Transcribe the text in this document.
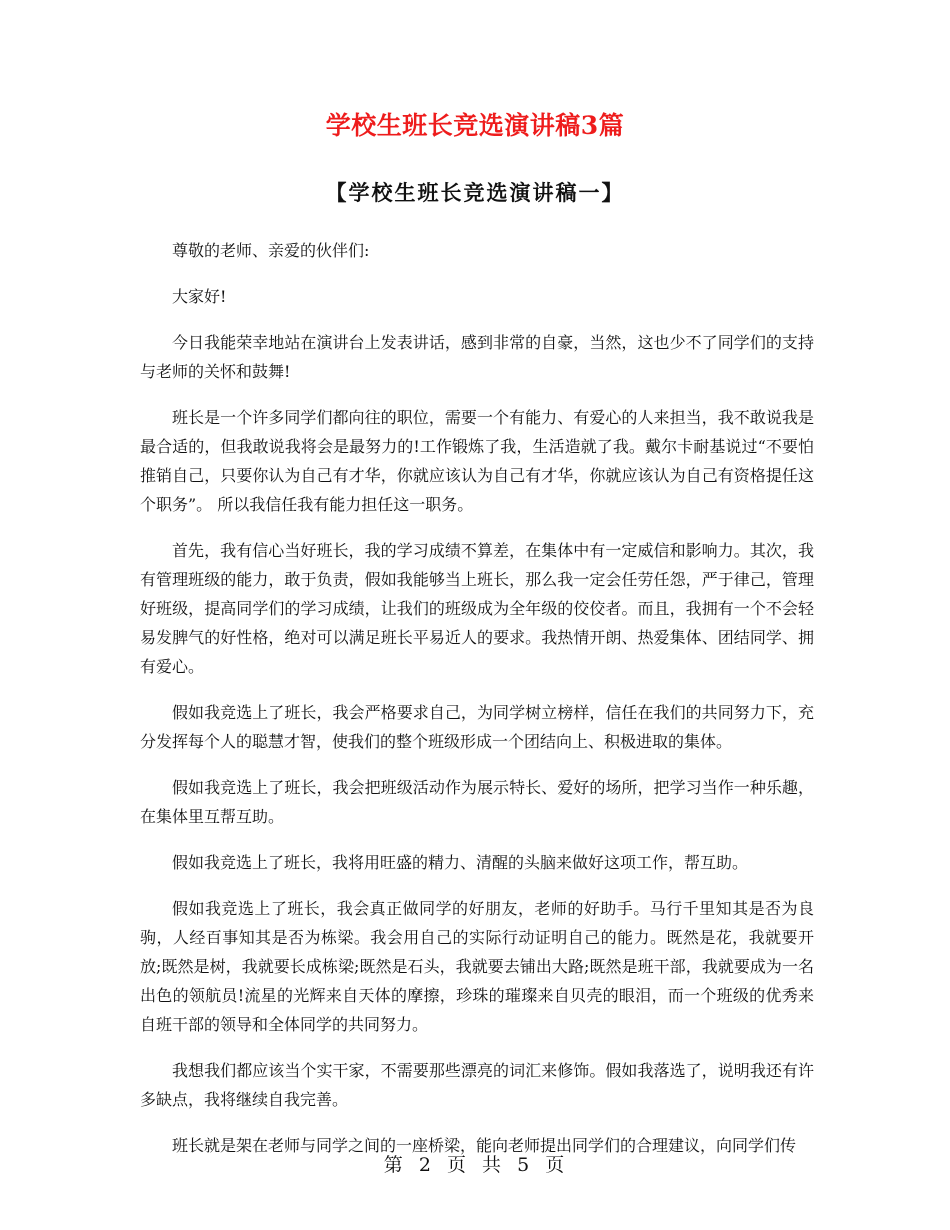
学校生班长竞选演讲稿3篇
【学校生班长竞选演讲稿一】

尊敬的老师、亲爱的伙伴们:

大家好!

今日我能荣幸地站在演讲台上发表讲话，感到非常的自豪，当然，这也少不了同学们的支持与老师的关怀和鼓舞!

班长是一个许多同学们都向往的职位，需要一个有能力、有爱心的人来担当，我不敢说我是最合适的，但我敢说我将会是最努力的!工作锻炼了我，生活造就了我。戴尔卡耐基说过“不要怕推销自己，只要你认为自己有才华，你就应该认为自己有才华，你就应该认为自己有资格提任这个职务”。 所以我信任我有能力担任这一职务。

首先，我有信心当好班长，我的学习成绩不算差，在集体中有一定威信和影响力。其次，我有管理班级的能力，敢于负责，假如我能够当上班长，那么我一定会任劳任怨，严于律己，管理好班级，提高同学们的学习成绩，让我们的班级成为全年级的佼佼者。而且，我拥有一个不会轻易发脾气的好性格，绝对可以满足班长平易近人的要求。我热情开朗、热爱集体、团结同学、拥有爱心。

假如我竞选上了班长，我会严格要求自己，为同学树立榜样，信任在我们的共同努力下，充分发挥每个人的聪慧才智，使我们的整个班级形成一个团结向上、积极进取的集体。

假如我竞选上了班长，我会把班级活动作为展示特长、爱好的场所，把学习当作一种乐趣，在集体里互帮互助。

假如我竞选上了班长，我将用旺盛的精力、清醒的头脑来做好这项工作，帮互助。

假如我竞选上了班长，我会真正做同学的好朋友，老师的好助手。马行千里知其是否为良驹，人经百事知其是否为栋梁。我会用自己的实际行动证明自己的能力。既然是花，我就要开放;既然是树，我就要长成栋梁;既然是石头，我就要去铺出大路;既然是班干部，我就要成为一名出色的领航员!流星的光辉来自天体的摩擦，珍珠的璀璨来自贝壳的眼泪，而一个班级的优秀来自班干部的领导和全体同学的共同努力。

我想我们都应该当个实干家，不需要那些漂亮的词汇来修饰。假如我落选了，说明我还有许多缺点，我将继续自我完善。

班长就是架在老师与同学之间的一座桥梁，能向老师提出同学们的合理建议，向同学们传

第 2 页 共 5 页
